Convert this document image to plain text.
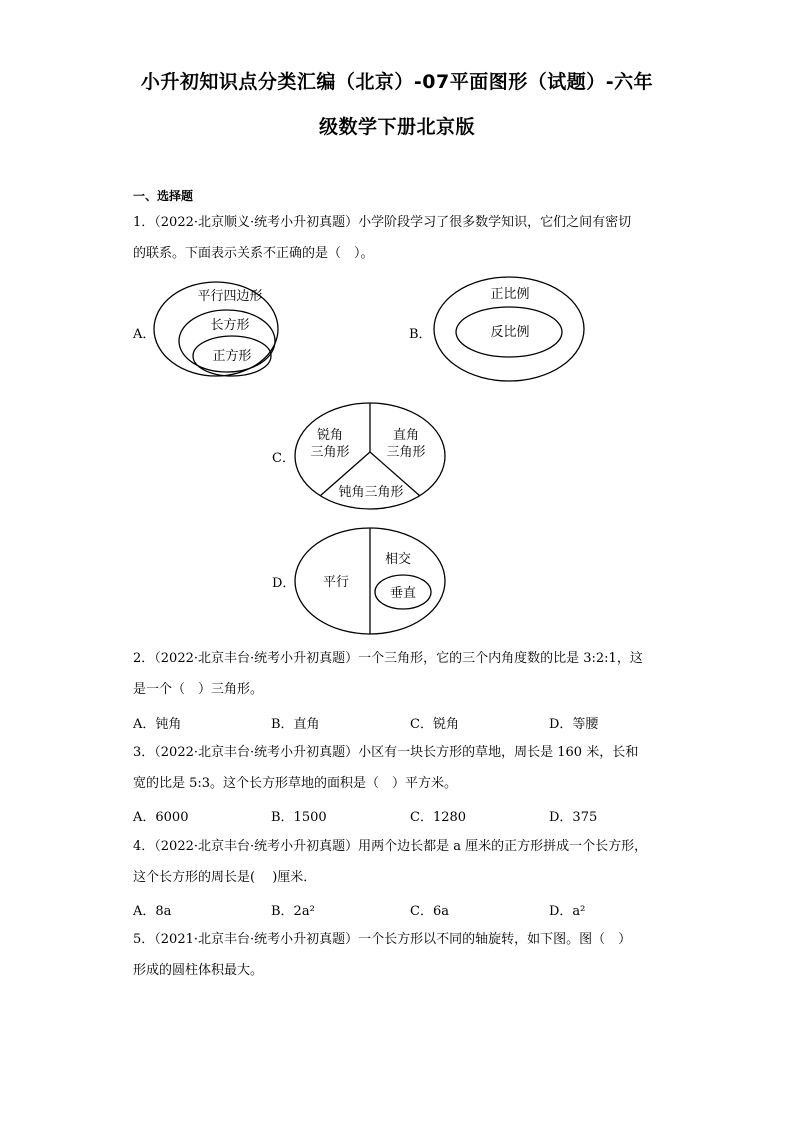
小升初知识点分类汇编（北京）-07平面图形（试题）-六年
级数学下册北京版
一、选择题
1．（2022·北京顺义·统考小升初真题）小学阶段学习了很多数学知识，它们之间有密切
的联系。下面表示关系不正确的是（　）。
A．	B．
C．
D．
平行四边形
长方形
正方形
正比例
反比例
锐角
三角形
直角
三角形
钝角三角形
平行
相交
垂直
2．（2022·北京丰台·统考小升初真题）一个三角形，它的三个内角度数的比是 3:2:1，这
是一个（　）三角形。
A．钝角	B．直角	C．锐角	D．等腰
3．（2022·北京丰台·统考小升初真题）小区有一块长方形的草地，周长是 160 米，长和
宽的比是 5:3。这个长方形草地的面积是（　）平方米。
A．6000	B．1500	C．1280	D．375
4．（2022·北京丰台·统考小升初真题）用两个边长都是 a 厘米的正方形拼成一个长方形，
这个长方形的周长是(　 )厘米．
A．8a	B．2a²	C．6a	D．a²
5．（2021·北京丰台·统考小升初真题）一个长方形以不同的轴旋转，如下图。图（　）
形成的圆柱体积最大。
